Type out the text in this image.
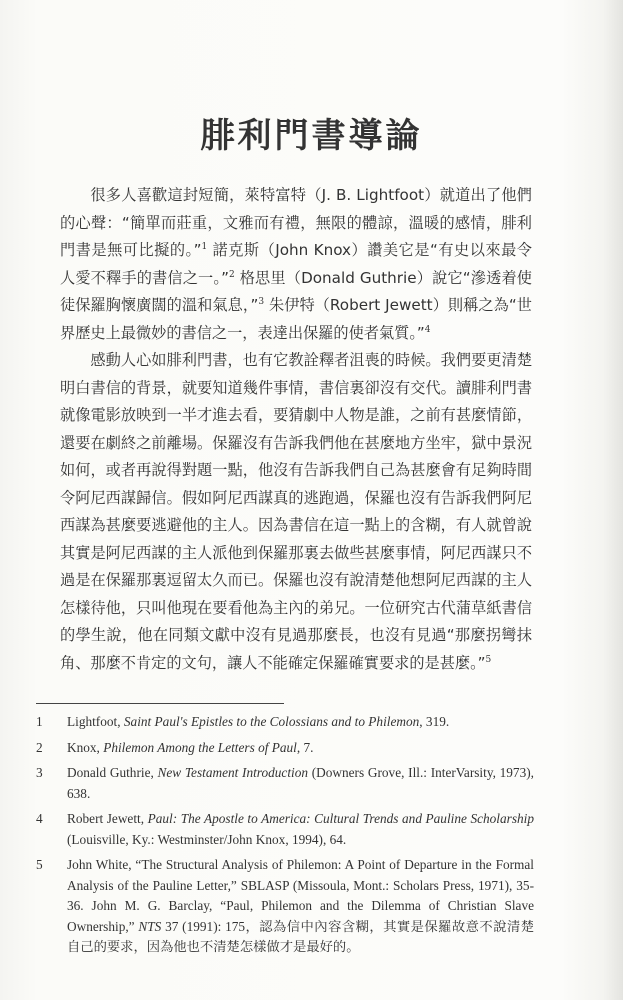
腓利門書導論

很多人喜歡這封短簡，萊特富特（J. B. Lightfoot）就道出了他們的心聲：“簡單而莊重，文雅而有禮，無限的體諒，溫暖的感情，腓利門書是無可比擬的。”$^1$ 諾克斯（John Knox）讚美它是“有史以來最令人愛不釋手的書信之一。”$^2$ 格思里（Donald Guthrie）說它“滲透着使徒保羅胸懷廣闊的溫和氣息，”$^3$ 朱伊特（Robert Jewett）則稱之為“世界歷史上最微妙的書信之一，表達出保羅的使者氣質。”$^4$

感動人心如腓利門書，也有它教詮釋者沮喪的時候。我們要更清楚明白書信的背景，就要知道幾件事情，書信裏卻沒有交代。讀腓利門書就像電影放映到一半才進去看，要猜劇中人物是誰，之前有甚麼情節，還要在劇終之前離場。保羅沒有告訴我們他在甚麼地方坐牢，獄中景況如何，或者再說得對題一點，他沒有告訴我們自己為甚麼會有足夠時間令阿尼西謀歸信。假如阿尼西謀真的逃跑過，保羅也沒有告訴我們阿尼西謀為甚麼要逃避他的主人。因為書信在這一點上的含糊，有人就曾說其實是阿尼西謀的主人派他到保羅那裏去做些甚麼事情，阿尼西謀只不過是在保羅那裏逗留太久而已。保羅也沒有說清楚他想阿尼西謀的主人怎樣待他，只叫他現在要看他為主內的弟兄。一位研究古代蒲草紙書信的學生說，他在同類文獻中沒有見過那麼長，也沒有見過“那麼拐彎抹角、那麼不肯定的文句，讓人不能確定保羅確實要求的是甚麼。”$^5$

1	Lightfoot, Saint Paul's Epistles to the Colossians and to Philemon, 319.
2	Knox, Philemon Among the Letters of Paul, 7.
3	Donald Guthrie, New Testament Introduction (Downers Grove, Ill.: InterVarsity, 1973), 638.
4	Robert Jewett, Paul: The Apostle to America: Cultural Trends and Pauline Scholarship (Louisville, Ky.: Westminster/John Knox, 1994), 64.
5	John White, “The Structural Analysis of Philemon: A Point of Departure in the Formal Analysis of the Pauline Letter,” SBLASP (Missoula, Mont.: Scholars Press, 1971), 35-36. John M. G. Barclay, “Paul, Philemon and the Dilemma of Christian Slave Ownership,” NTS 37 (1991): 175，認為信中內容含糊，其實是保羅故意不說清楚自己的要求，因為他也不清楚怎樣做才是最好的。
